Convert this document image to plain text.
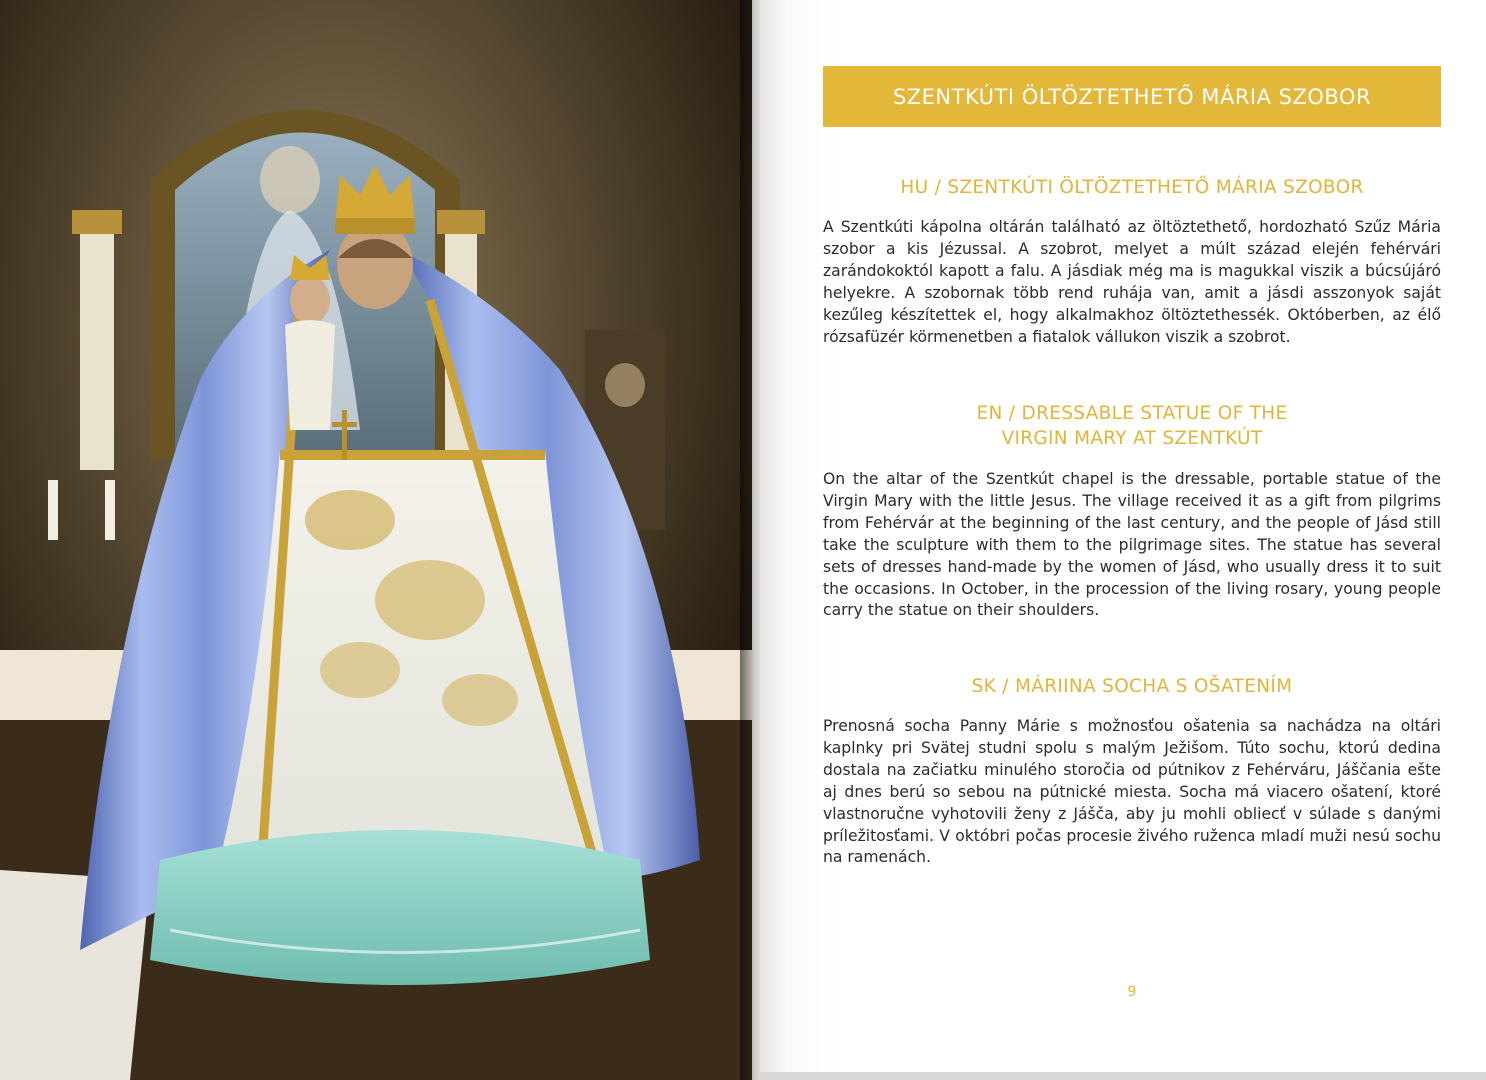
SZENTKÚTI ÖLTÖZTETHETŐ MÁRIA SZOBOR
HU / SZENTKÚTI ÖLTÖZTETHETŐ MÁRIA SZOBOR
A Szentkúti kápolna oltárán található az öltöztethető, hordozható Szűz Mária szobor a kis Jézussal. A szobrot, melyet a múlt század elején fehérvári zarándokoktól kapott a falu. A jásdiak még ma is magukkal viszik a búcsújáró helyekre. A szobornak több rend ruhája van, amit a jásdi asszonyok saját kezűleg készítettek el, hogy alkalmakhoz öltöztethessék. Októberben, az élő rózsafüzér körmenetben a fiatalok vállukon viszik a szobrot.
EN / DRESSABLE STATUE OF THE
VIRGIN MARY AT SZENTKÚT
On the altar of the Szentkút chapel is the dressable, portable statue of the Virgin Mary with the little Jesus. The village received it as a gift from pilgrims from Fehérvár at the beginning of the last century, and the people of Jásd still take the sculpture with them to the pilgrimage sites. The statue has several sets of dresses hand-made by the women of Jásd, who usually dress it to suit the occasions. In October, in the procession of the living rosary, young people carry the statue on their shoulders.
SK / MÁRIINA SOCHA S OŠATENÍM
Prenosná socha Panny Márie s možnosťou ošatenia sa nachádza na oltári kaplnky pri Svätej studni spolu s malým Ježišom. Túto sochu, ktorú dedina dostala na začiatku minulého storočia od pútnikov z Fehérváru, Jáščania ešte aj dnes berú so sebou na pútnické miesta. Socha má viacero ošatení, ktoré vlastnoručne vyhotovili ženy z Jášča, aby ju mohli obliecť v súlade s danými príležitosťami. V októbri počas procesie živého ruženca mladí muži nesú sochu na ramenách.
9
